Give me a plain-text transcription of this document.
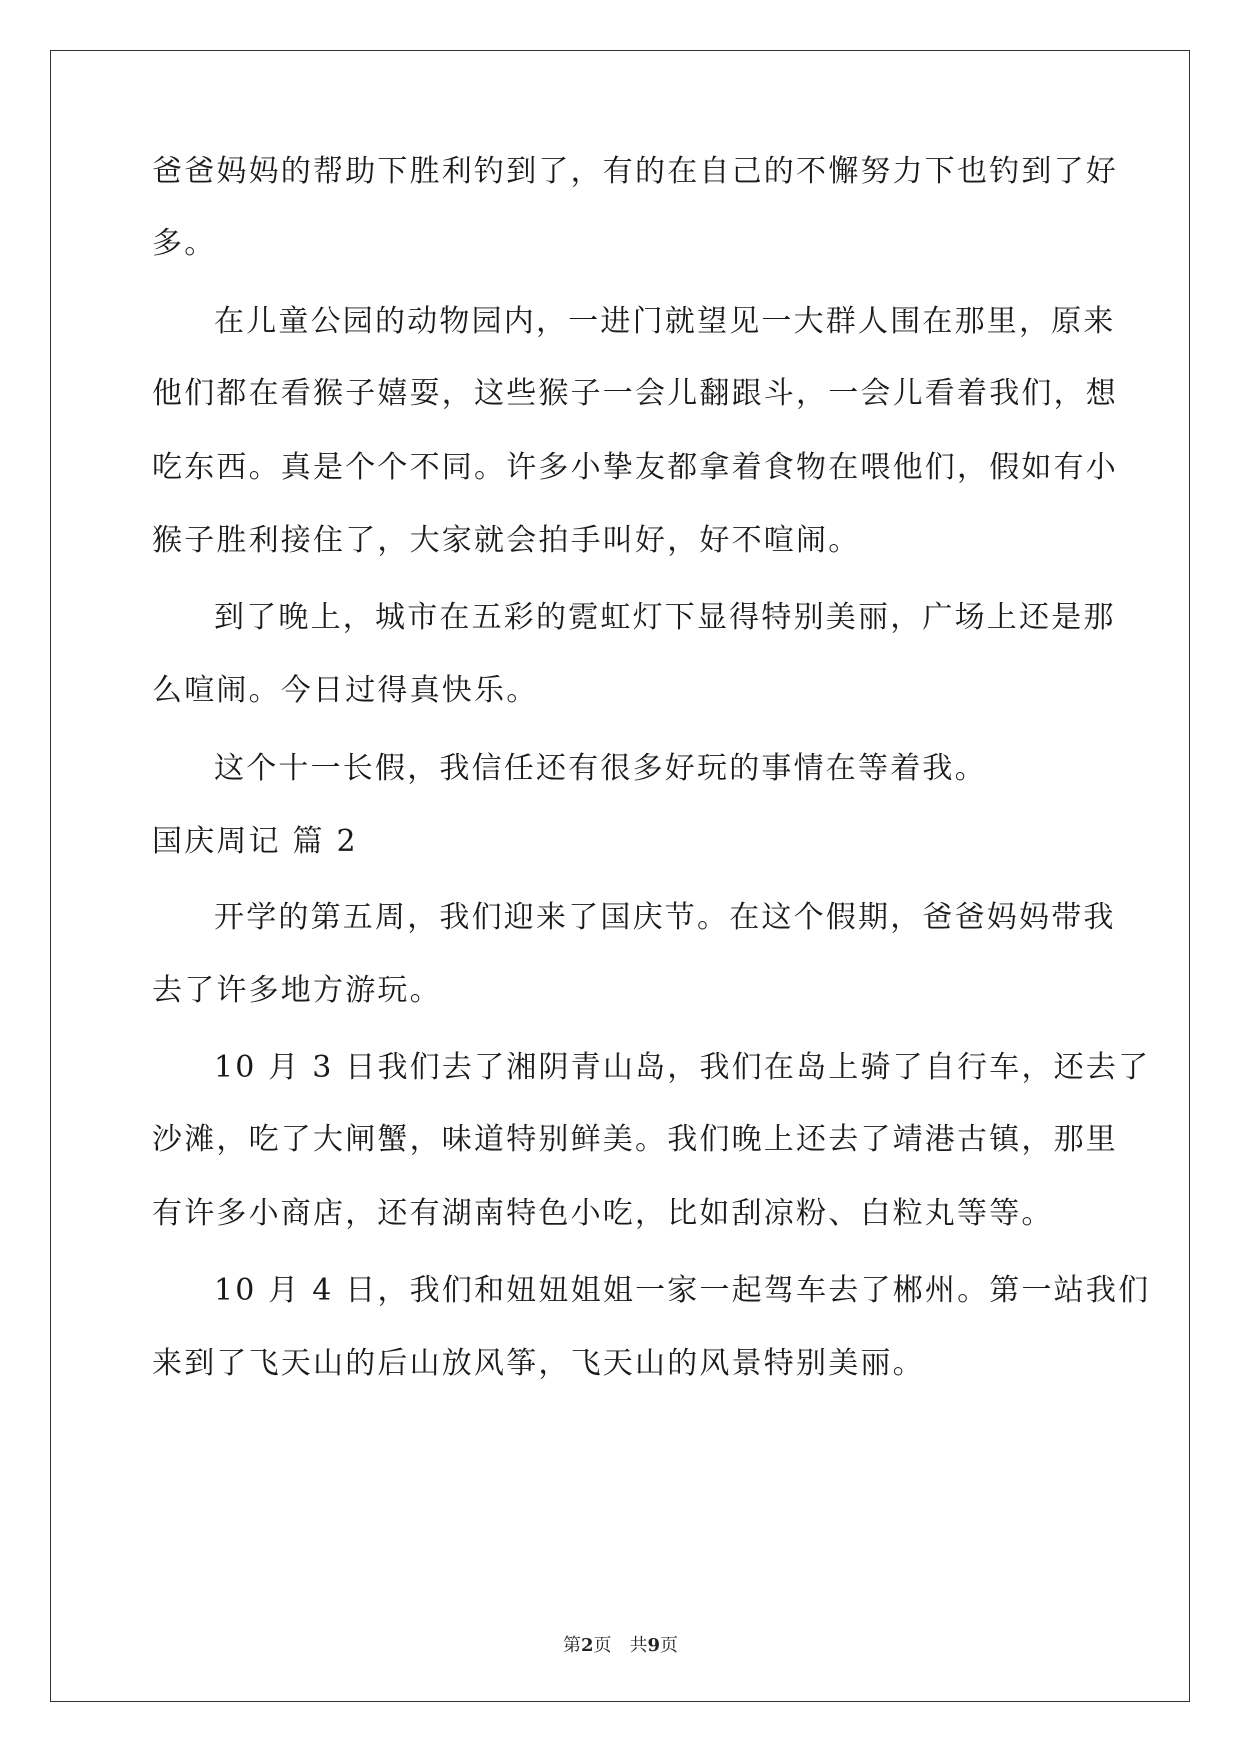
爸爸妈妈的帮助下胜利钓到了，有的在自己的不懈努力下也钓到了好
多。
在儿童公园的动物园内，一进门就望见一大群人围在那里，原来
他们都在看猴子嬉耍，这些猴子一会儿翻跟斗，一会儿看着我们，想
吃东西。真是个个不同。许多小挚友都拿着食物在喂他们，假如有小
猴子胜利接住了，大家就会拍手叫好，好不喧闹。
到了晚上，城市在五彩的霓虹灯下显得特别美丽，广场上还是那
么喧闹。今日过得真快乐。
这个十一长假，我信任还有很多好玩的事情在等着我。
国庆周记 篇 2
开学的第五周，我们迎来了国庆节。在这个假期，爸爸妈妈带我
去了许多地方游玩。
10 月 3 日我们去了湘阴青山岛，我们在岛上骑了自行车，还去了
沙滩，吃了大闸蟹，味道特别鲜美。我们晚上还去了靖港古镇，那里
有许多小商店，还有湖南特色小吃，比如刮凉粉、白粒丸等等。
10 月 4 日，我们和妞妞姐姐一家一起驾车去了郴州。第一站我们
来到了飞天山的后山放风筝，飞天山的风景特别美丽。
第2页 共9页
